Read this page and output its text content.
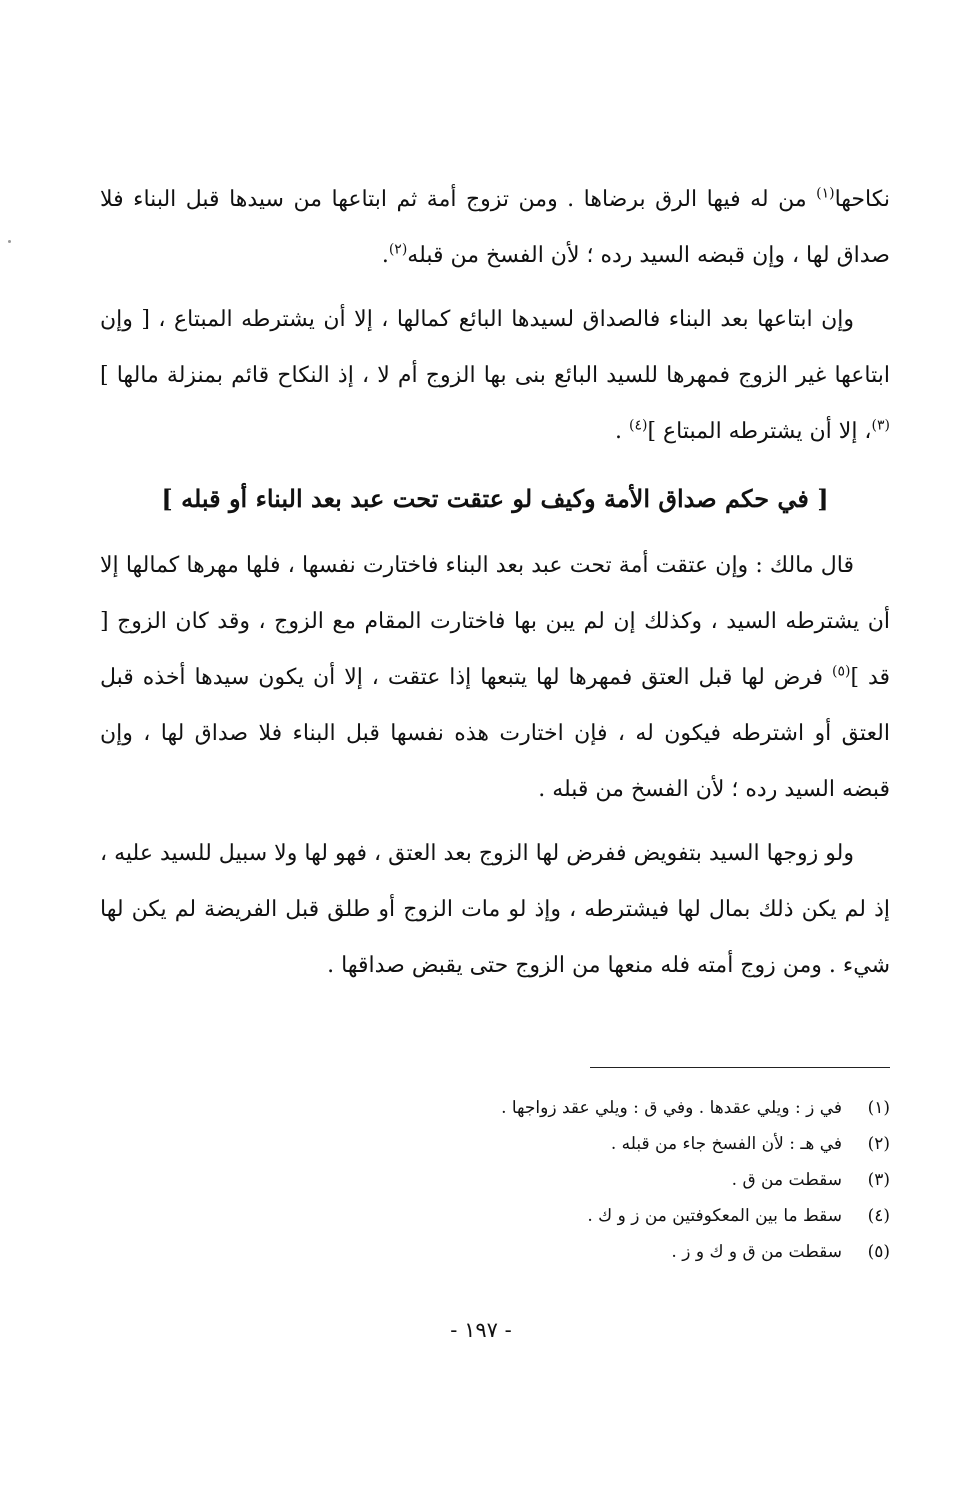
نكاحها$^{(١)}$ من له فيها الرق برضاها . ومن تزوج أمة ثم ابتاعها من سيدها قبل البناء فلا صداق لها ، وإن قبضه السيد رده ؛ لأن الفسخ من قبله$^{(٢)}$.

وإن ابتاعها بعد البناء فالصداق لسيدها البائع كمالها ، إلا أن يشترطه المبتاع ، [ وإن ابتاعها غير الزوج فمهرها للسيد البائع بنى بها الزوج أم لا ، إذ النكاح قائم بمنزلة مالها ]$^{(٣)}$، إلا أن يشترطه المبتاع ]$^{(٤)}$ .

[ في حكم صداق الأمة وكيف لو عتقت تحت عبد بعد البناء أو قبله ]

قال مالك : وإن عتقت أمة تحت عبد بعد البناء فاختارت نفسها ، فلها مهرها كمالها إلا أن يشترطه السيد ، وكذلك إن لم يبن بها فاختارت المقام مع الزوج ، وقد كان الزوج [ قد ]$^{(٥)}$ فرض لها قبل العتق فمهرها لها يتبعها إذا عتقت ، إلا أن يكون سيدها أخذه قبل العتق أو اشترطه فيكون له ، فإن اختارت هذه نفسها قبل البناء فلا صداق لها ، وإن قبضه السيد رده ؛ لأن الفسخ من قبله .

ولو زوجها السيد بتفويض ففرض لها الزوج بعد العتق ، فهو لها ولا سبيل للسيد عليه ، إذ لم يكن ذلك بمال لها فيشترطه ، وإذ لو مات الزوج أو طلق قبل الفريضة لم يكن لها شيء . ومن زوج أمته فله منعها من الزوج حتى يقبض صداقها .

(١)في ز : ويلي عقدها . وفي ق : ويلي عقد زواجها .
(٢)في هـ : لأن الفسخ جاء من قبله .
(٣)سقطت من ق .
(٤)سقط ما بين المعكوفتين من ز و ك .
(٥)سقطت من ق و ك و ز .
- ١٩٧ -
